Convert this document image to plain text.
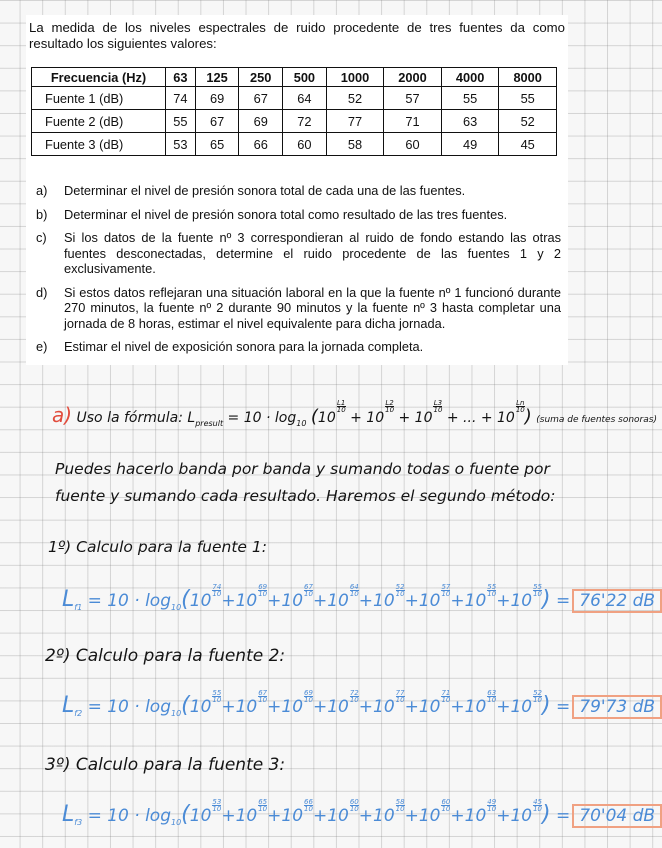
La medida de los niveles espectrales de ruido procedente de tres fuentes da como resultado los siguientes valores:

Frecuencia (Hz)	63	125	250	500	1000	2000	4000	8000
Fuente 1 (dB)	74	69	67	64	52	57	55	55
Fuente 2 (dB)	55	67	69	72	77	71	63	52
Fuente 3 (dB)	53	65	66	60	58	60	49	45
a)	Determinar el nivel de presión sonora total de cada una de las fuentes.
b)	Determinar el nivel de presión sonora total como resultado de las tres fuentes.
c)	Si los datos de la fuente nº 3 correspondieran al ruido de fondo estando las otras fuentes desconectadas, determine el ruido procedente de las fuentes 1 y 2 exclusivamente.
d)	Si estos datos reflejaran una situación laboral en la que la fuente nº 1 funcionó durante 270 minutos, la fuente nº 2 durante 90 minutos y la fuente nº 3 hasta completar una jornada de 8 horas, estimar el nivel equivalente para dicha jornada.
e)	Estimar el nivel de exposición sonora para la jornada completa.
a) Uso la fórmula: $L_{presult} = 10 \cdot \log_{10} (10$
$\frac{L1}{10}$
+ 10
$\frac{L2}{10}$
+ 10
$\frac{L3}{10}$
+ ... + 10
$\frac{Ln}{10}$ ) (suma de fuentes sonoras)
Puedes hacerlo banda por banda y sumando todas o fuente por
fuente y sumando cada resultado. Haremos el segundo método:
1º) Calculo para la fuente 1:
$L_{f1} = 10 \cdot \log_{10}(10$
$\frac{74}{10}$
+10
$\frac{69}{10}$
+10
$\frac{67}{10}$
+10
$\frac{64}{10}$
+10
$\frac{52}{10}$
+10
$\frac{57}{10}$
+10
$\frac{55}{10}$
+10
$\frac{55}{10}$ ) = 76'22 dB
2º) Calculo para la fuente 2:
$L_{f2} = 10 \cdot \log_{10}(10$
$\frac{55}{10}$
+10
$\frac{67}{10}$
+10
$\frac{69}{10}$
+10
$\frac{72}{10}$
+10
$\frac{77}{10}$
+10
$\frac{71}{10}$
+10
$\frac{63}{10}$
+10
$\frac{52}{10}$ ) = 79'73 dB
3º) Calculo para la fuente 3:
$L_{f3} = 10 \cdot \log_{10}(10$
$\frac{53}{10}$
+10
$\frac{65}{10}$
+10
$\frac{66}{10}$
+10
$\frac{60}{10}$
+10
$\frac{58}{10}$
+10
$\frac{60}{10}$
+10
$\frac{49}{10}$
+10
$\frac{45}{10}$ ) = 70'04 dB
